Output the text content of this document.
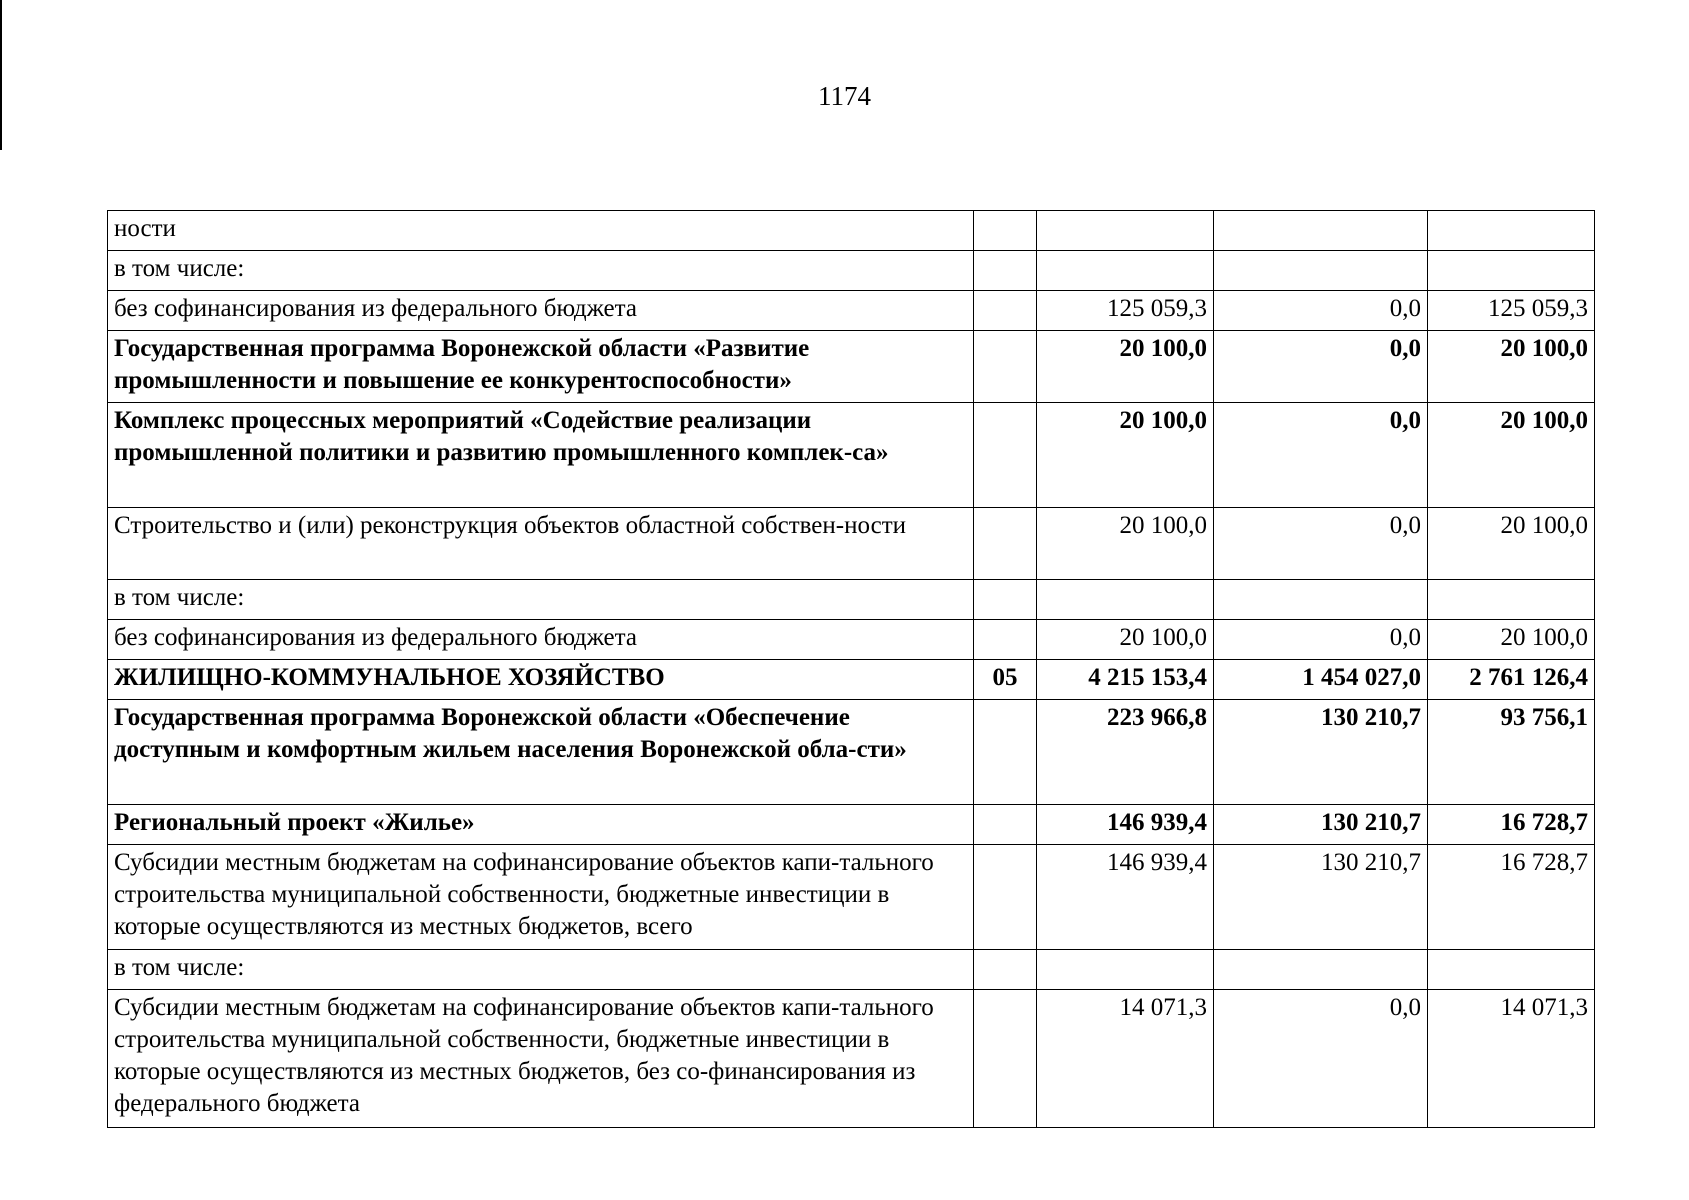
1174
ности				
в том числе:				
без софинансирования из федерального бюджета		125 059,3	0,0	125 059,3
Государственная программа Воронежской области «Развитие промышленности и повышение ее конкурентоспособности»		20 100,0	0,0	20 100,0
Комплекс процессных мероприятий «Содействие реализации промышленной политики и развитию промышленного комплек-са»		20 100,0	0,0	20 100,0
Строительство и (или) реконструкция объектов областной собствен-ности		20 100,0	0,0	20 100,0
в том числе:				
без софинансирования из федерального бюджета		20 100,0	0,0	20 100,0
ЖИЛИЩНО-КОММУНАЛЬНОЕ ХОЗЯЙСТВО	05	4 215 153,4	1 454 027,0	2 761 126,4
Государственная программа Воронежской области «Обеспечение доступным и комфортным жильем населения Воронежской обла-сти»		223 966,8	130 210,7	93 756,1
Региональный проект «Жилье»		146 939,4	130 210,7	16 728,7
Субсидии местным бюджетам на софинансирование объектов капи-тального строительства муниципальной собственности, бюджетные инвестиции в которые осуществляются из местных бюджетов, всего		146 939,4	130 210,7	16 728,7
в том числе:				
Субсидии местным бюджетам на софинансирование объектов капи-тального строительства муниципальной собственности, бюджетные инвестиции в которые осуществляются из местных бюджетов, без со-финансирования из федерального бюджета		14 071,3	0,0	14 071,3
